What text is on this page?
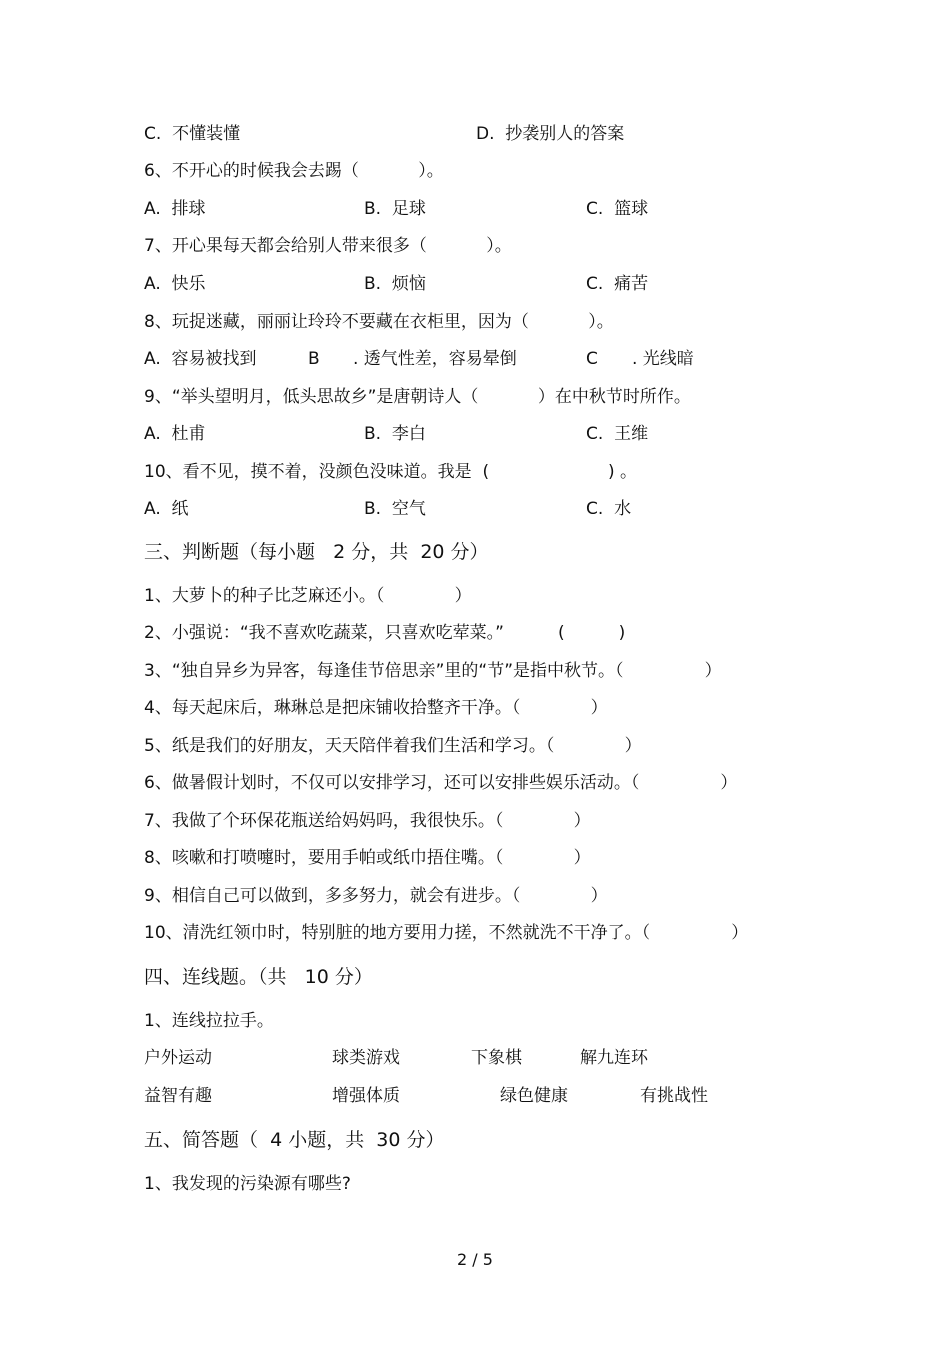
C.  不懂装懂	D.  抄袭别人的答案
6、不开心的时候我会去踢（           ）。
A.  排球	B.  足球	C.  篮球
7、开心果每天都会给别人带来很多（           ）。
A.  快乐	B.  烦恼	C.  痛苦
8、玩捉迷藏，丽丽让玲玲不要藏在衣柜里，因为（           ）。
A.  容易被找到	B . 透气性差，容易晕倒	C . 光线暗
9、“举头望明月，低头思故乡”是唐朝诗人（           ）在中秋节时所作。
A.  杜甫	B.  李白	C.  王维
10、看不见，摸不着，没颜色没味道。我是  (                      ) 。
A.  纸	B.  空气	C.  水
三、判断题（每小题   2 分，共  20 分）
1、大萝卜的种子比芝麻还小。（             ）
2、小强说：“我不喜欢吃蔬菜，只喜欢吃荤菜。”          (          )
3、“独自异乡为异客，每逢佳节倍思亲”里的“节”是指中秋节。（               ）
4、每天起床后，琳琳总是把床铺收拾整齐干净。（             ）
5、纸是我们的好朋友，天天陪伴着我们生活和学习。（             ）
6、做暑假计划时，不仅可以安排学习，还可以安排些娱乐活动。（               ）
7、我做了个环保花瓶送给妈妈吗，我很快乐。（             ）
8、咳嗽和打喷嚏时，要用手帕或纸巾捂住嘴。（             ）
9、相信自己可以做到，多多努力，就会有进步。（             ）
10、清洗红领巾时，特别脏的地方要用力搓，不然就洗不干净了。（               ）
四、连线题。（共   10 分）
1、连线拉拉手。
户外运动	球类游戏	下象棋	解九连环
益智有趣	增强体质	绿色健康	有挑战性
五、简答题（  4 小题，共  30 分）
1、我发现的污染源有哪些?
2 / 5
